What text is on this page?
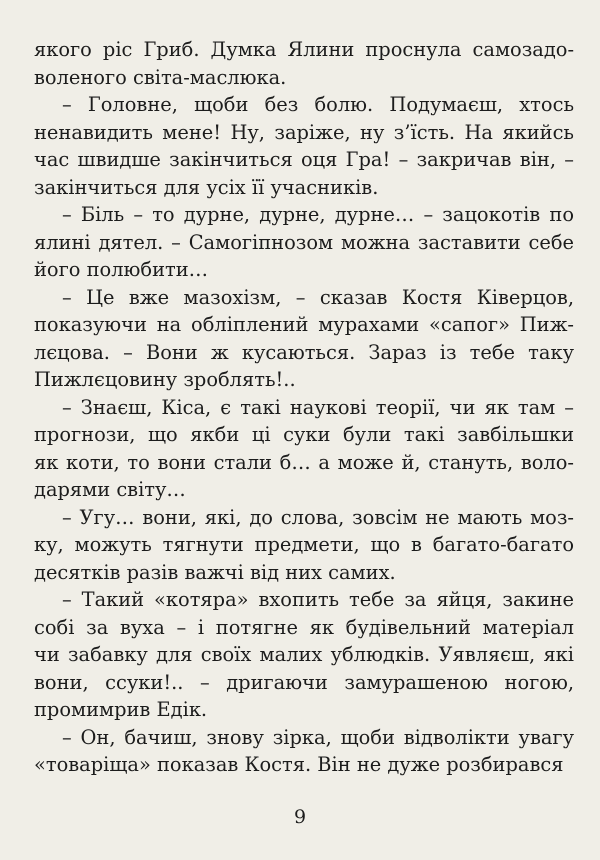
якого ріс Гриб. Думка Ялини проснула самозадо-
воленого світа-маслюка.
– Головне, щоби без болю. Подумаєш, хтось
ненавидить мене! Ну, заріже, ну з’їсть. На якийсь
час швидше закінчиться оця Гра! – закричав він, –
закінчиться для усіх її учасників.
– Біль – то дурне, дурне, дурне… – зацокотів по
ялині дятел. – Самогіпнозом можна заставити себе
його полюбити…
– Це вже мазохізм, – сказав Костя Ківерцов,
показуючи на обліплений мурахами «сапог» Пиж-
лєцова. – Вони ж кусаються. Зараз із тебе таку
Пижлєцовину зроблять!..
– Знаєш, Кіса, є такі наукові теорії, чи як там –
прогнози, що якби ці суки були такі завбільшки
як коти, то вони стали б… а може й, стануть, воло-
дарями світу…
– Угу… вони, які, до слова, зовсім не мають моз-
ку, можуть тягнути предмети, що в багато-багато
десятків разів важчі від них самих.
– Такий «котяра» вхопить тебе за яйця, закине
собі за вуха – і потягне як будівельний матеріал
чи забавку для своїх малих ублюдків. Уявляєш, які
вони, ссуки!.. – дригаючи замурашеною ногою,
промимрив Едік.
– Он, бачиш, знову зірка, щоби відволікти увагу
«товаріща» показав Костя. Він не дуже розбирався
9
